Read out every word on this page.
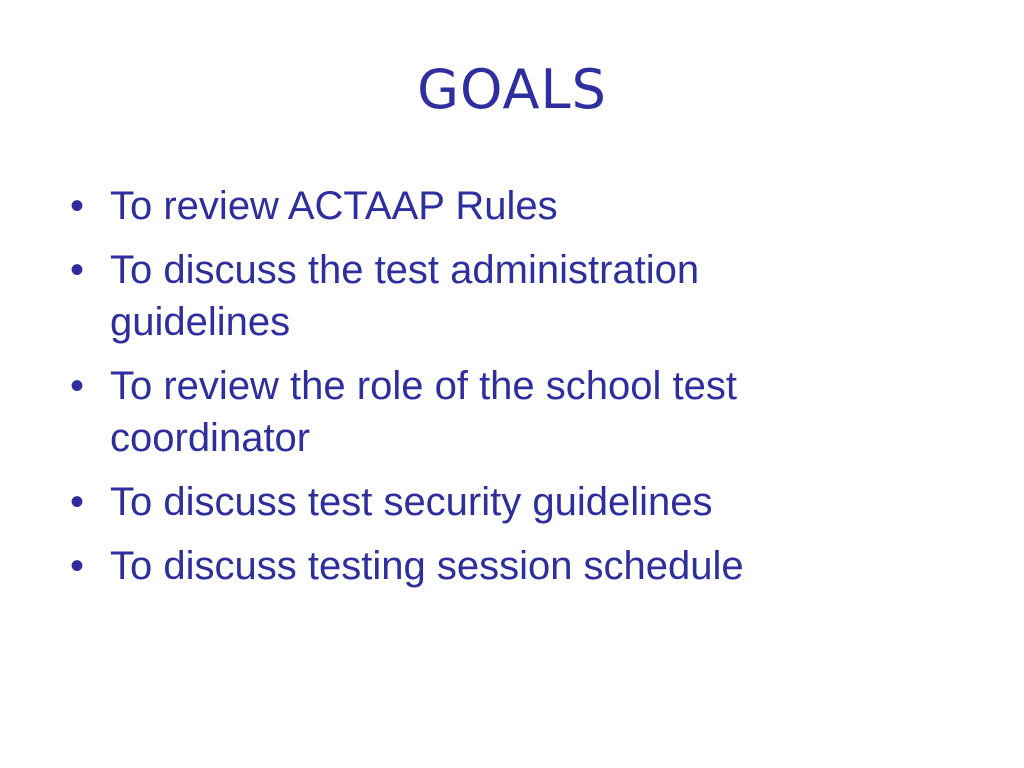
GOALS
• To review ACTAAP Rules
• To discuss the test administration guidelines
• To review the role of the school test coordinator
• To discuss test security guidelines
• To discuss testing session schedule
